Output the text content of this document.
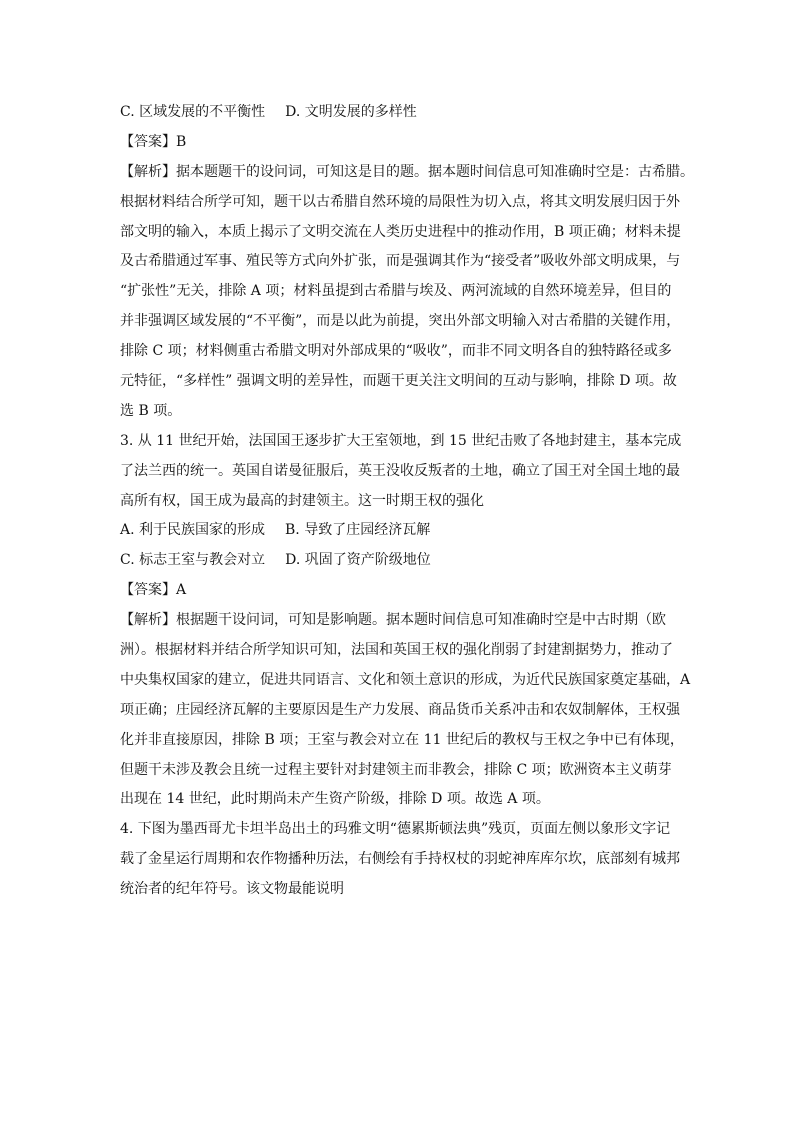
C. 区域发展的不平衡性 D. 文明发展的多样性
【答案】B
【解析】据本题题干的设问词，可知这是目的题。据本题时间信息可知准确时空是：古希腊。
根据材料结合所学可知，题干以古希腊自然环境的局限性为切入点，将其文明发展归因于外
部文明的输入，本质上揭示了文明交流在人类历史进程中的推动作用，B 项正确；材料未提
及古希腊通过军事、殖民等方式向外扩张，而是强调其作为“接受者”吸收外部文明成果，与
“扩张性”无关，排除 A 项；材料虽提到古希腊与埃及、两河流域的自然环境差异，但目的
并非强调区域发展的“不平衡”，而是以此为前提，突出外部文明输入对古希腊的关键作用，
排除 C 项；材料侧重古希腊文明对外部成果的“吸收”，而非不同文明各自的独特路径或多
元特征，“多样性” 强调文明的差异性，而题干更关注文明间的互动与影响，排除 D 项。故
选 B 项。
3. 从 11 世纪开始，法国国王逐步扩大王室领地，到 15 世纪击败了各地封建主，基本完成
了法兰西的统一。英国自诺曼征服后，英王没收反叛者的土地，确立了国王对全国土地的最
高所有权，国王成为最高的封建领主。这一时期王权的强化
A. 利于民族国家的形成 B. 导致了庄园经济瓦解
C. 标志王室与教会对立 D. 巩固了资产阶级地位
【答案】A
【解析】根据题干设问词，可知是影响题。据本题时间信息可知准确时空是中古时期（欧
洲）。根据材料并结合所学知识可知，法国和英国王权的强化削弱了封建割据势力，推动了
中央集权国家的建立，促进共同语言、文化和领土意识的形成，为近代民族国家奠定基础，A
项正确；庄园经济瓦解的主要原因是生产力发展、商品货币关系冲击和农奴制解体，王权强
化并非直接原因，排除 B 项；王室与教会对立在 11 世纪后的教权与王权之争中已有体现，
但题干未涉及教会且统一过程主要针对封建领主而非教会，排除 C 项；欧洲资本主义萌芽
出现在 14 世纪，此时期尚未产生资产阶级，排除 D 项。故选 A 项。
4. 下图为墨西哥尤卡坦半岛出土的玛雅文明“德累斯顿法典”残页，页面左侧以象形文字记
载了金星运行周期和农作物播种历法，右侧绘有手持权杖的羽蛇神库库尔坎，底部刻有城邦
统治者的纪年符号。该文物最能说明
